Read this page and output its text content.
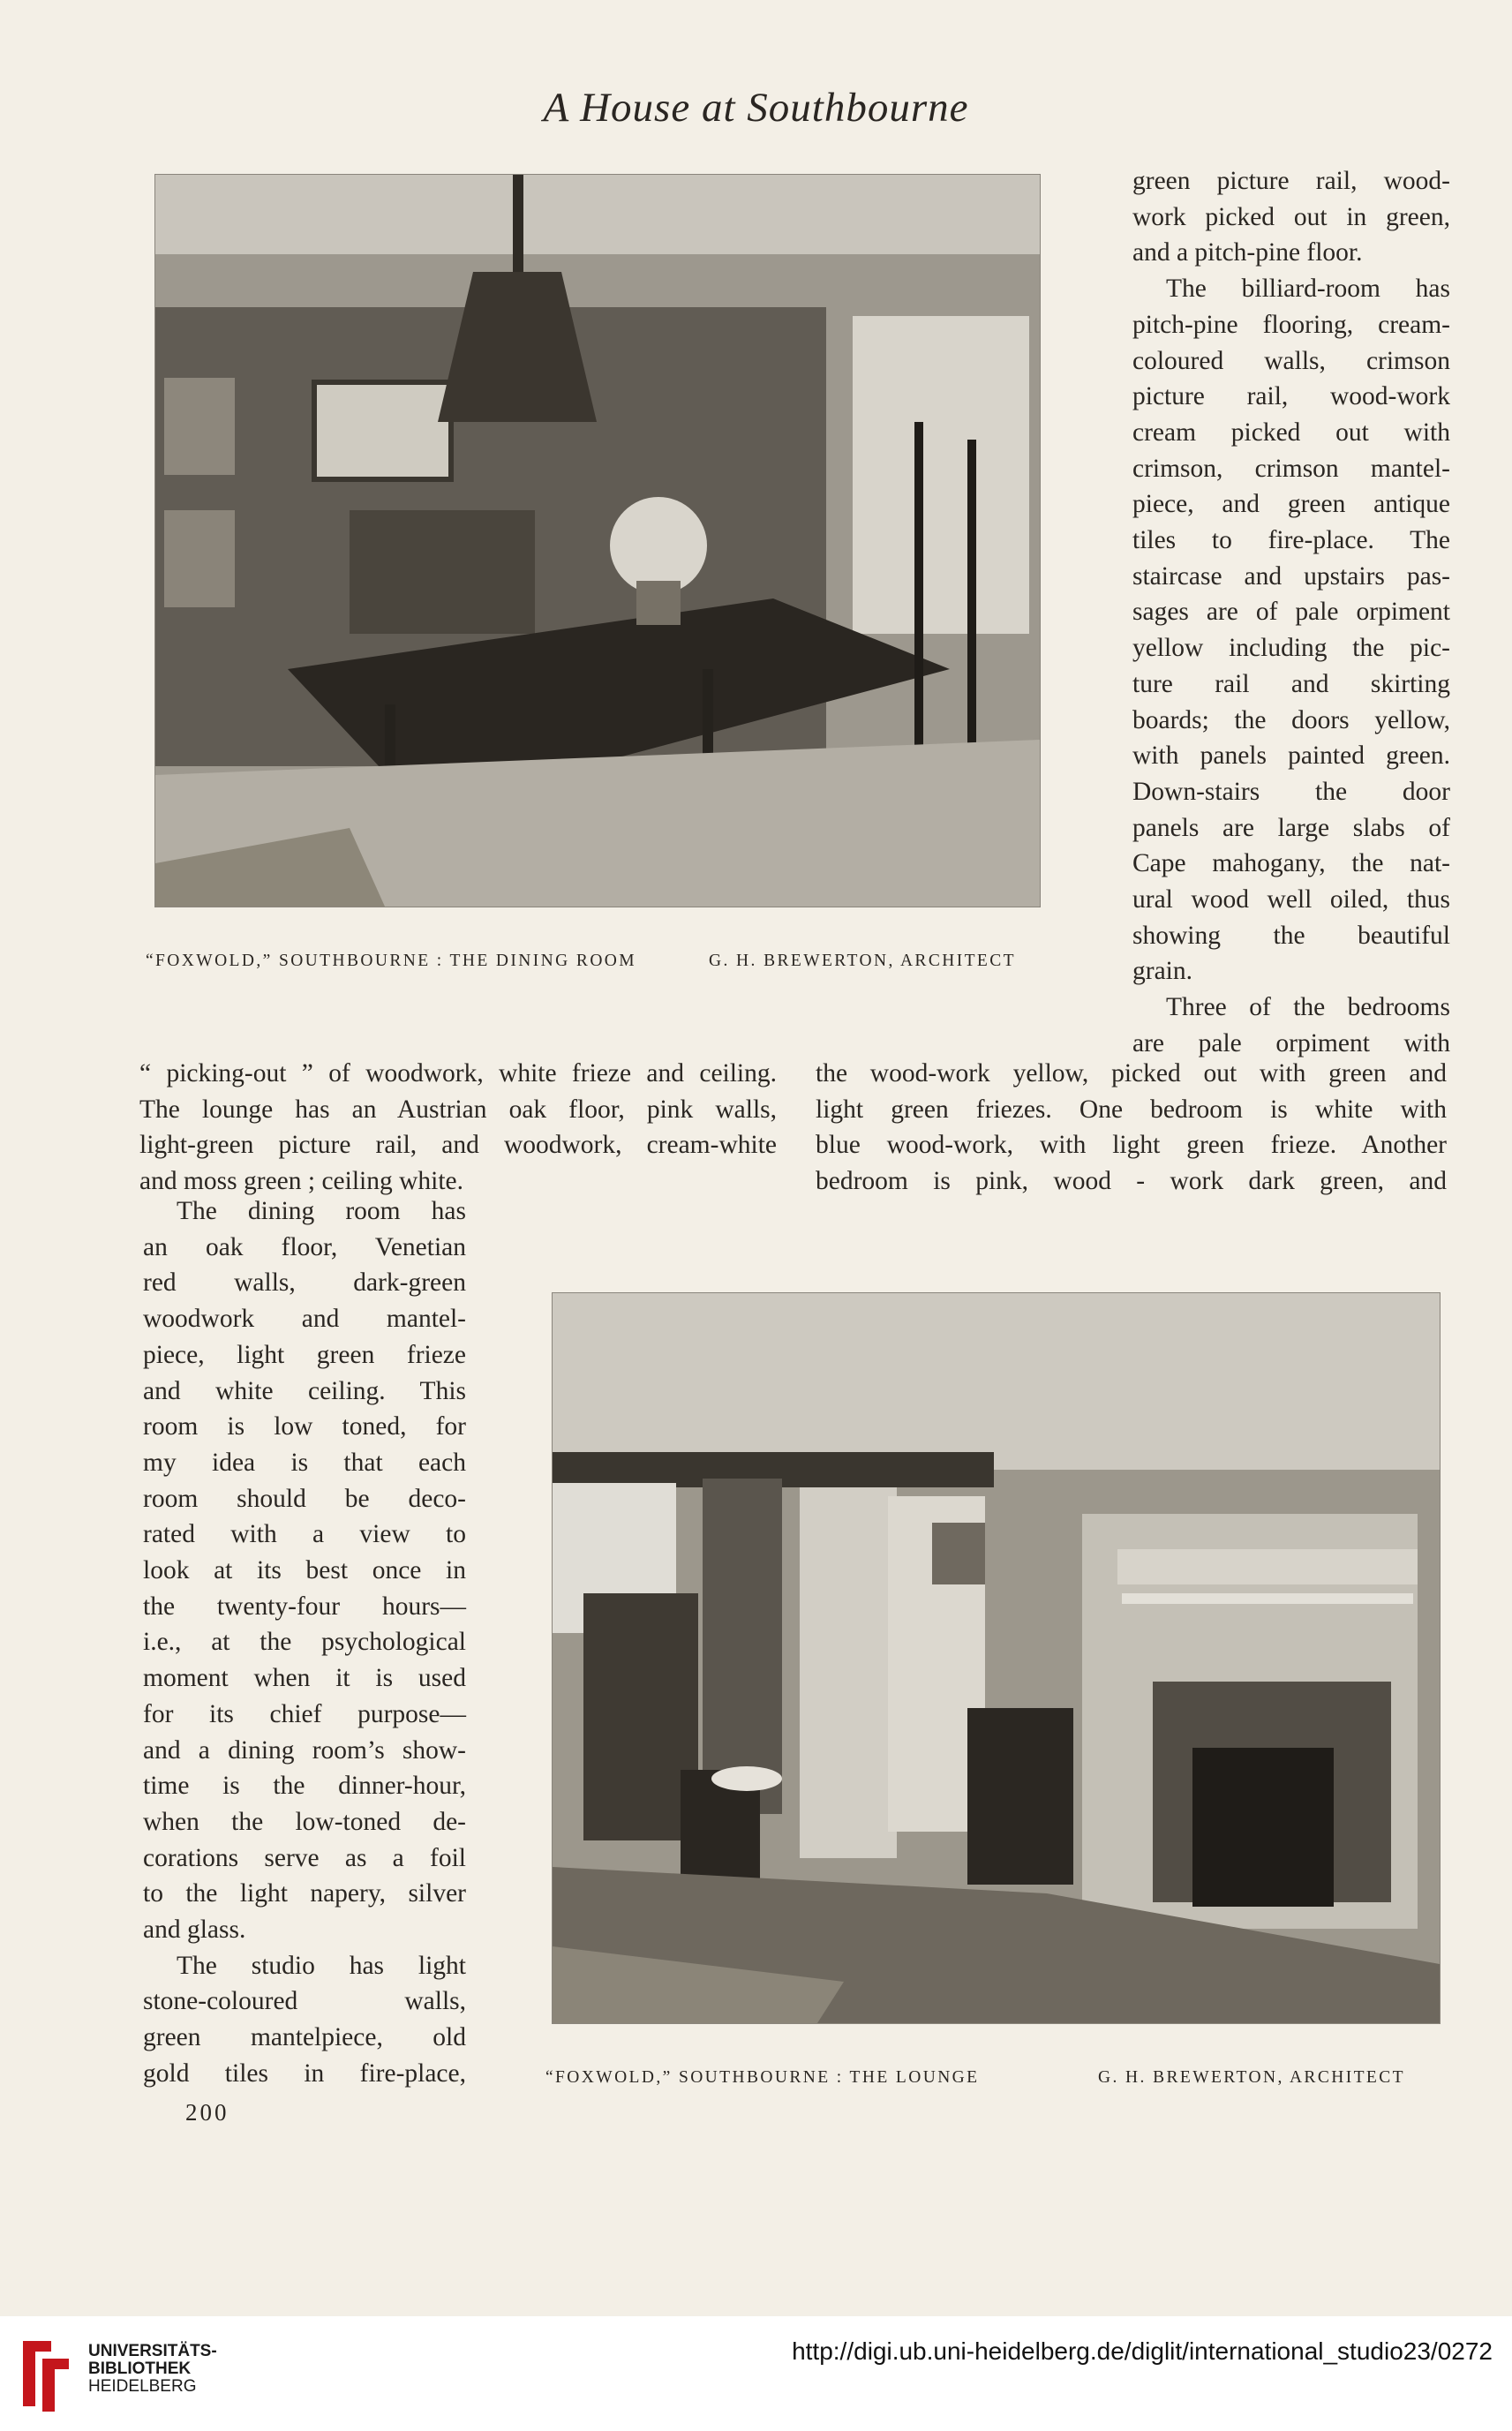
A House at Southbourne
“FOXWOLD,” SOUTHBOURNE : THE DINING ROOM	G. H. BREWERTON, ARCHITECT

green picture rail, wood-

work picked out in green,

and a pitch-pine floor.

The billiard-room has

pitch-pine flooring, cream-

coloured walls, crimson

picture rail, wood-work

cream picked out with

crimson, crimson mantel-

piece, and green antique

tiles to fire-place. The

staircase and upstairs pas-

sages are of pale orpiment

yellow including the pic-

ture rail and skirting

boards; the doors yellow,

with panels painted green.

Down-stairs the door

panels are large slabs of

Cape mahogany, the nat-

ural wood well oiled, thus

showing the beautiful

grain.

Three of the bedrooms

are pale orpiment with

“ picking-out ” of woodwork, white frieze and ceiling.

The lounge has an Austrian oak floor, pink walls,

light-green picture rail, and woodwork, cream-white

and moss green ; ceiling white.

the wood-work yellow, picked out with green and

light green friezes. One bedroom is white with

blue wood-work, with light green frieze. Another

bedroom is pink, wood - work dark green, and

The dining room has

an oak floor, Venetian

red walls, dark-green

woodwork and mantel-

piece, light green frieze

and white ceiling. This

room is low toned, for

my idea is that each

room should be deco-

rated with a view to

look at its best once in

the twenty-four hours—

i.e., at the psychological

moment when it is used

for its chief purpose—

and a dining room’s show-

time is the dinner-hour,

when the low-toned de-

corations serve as a foil

to the light napery, silver

and glass.

The studio has light

stone-coloured walls,

green mantelpiece, old

gold tiles in fire-place,	“FOXWOLD,” SOUTHBOURNE : THE LOUNGE	G. H. BREWERTON, ARCHITECT
200
UNIVERSITÄTS-
BIBLIOTHEK
HEIDELBERG
http://digi.ub.uni-heidelberg.de/diglit/international_studio23/0272
